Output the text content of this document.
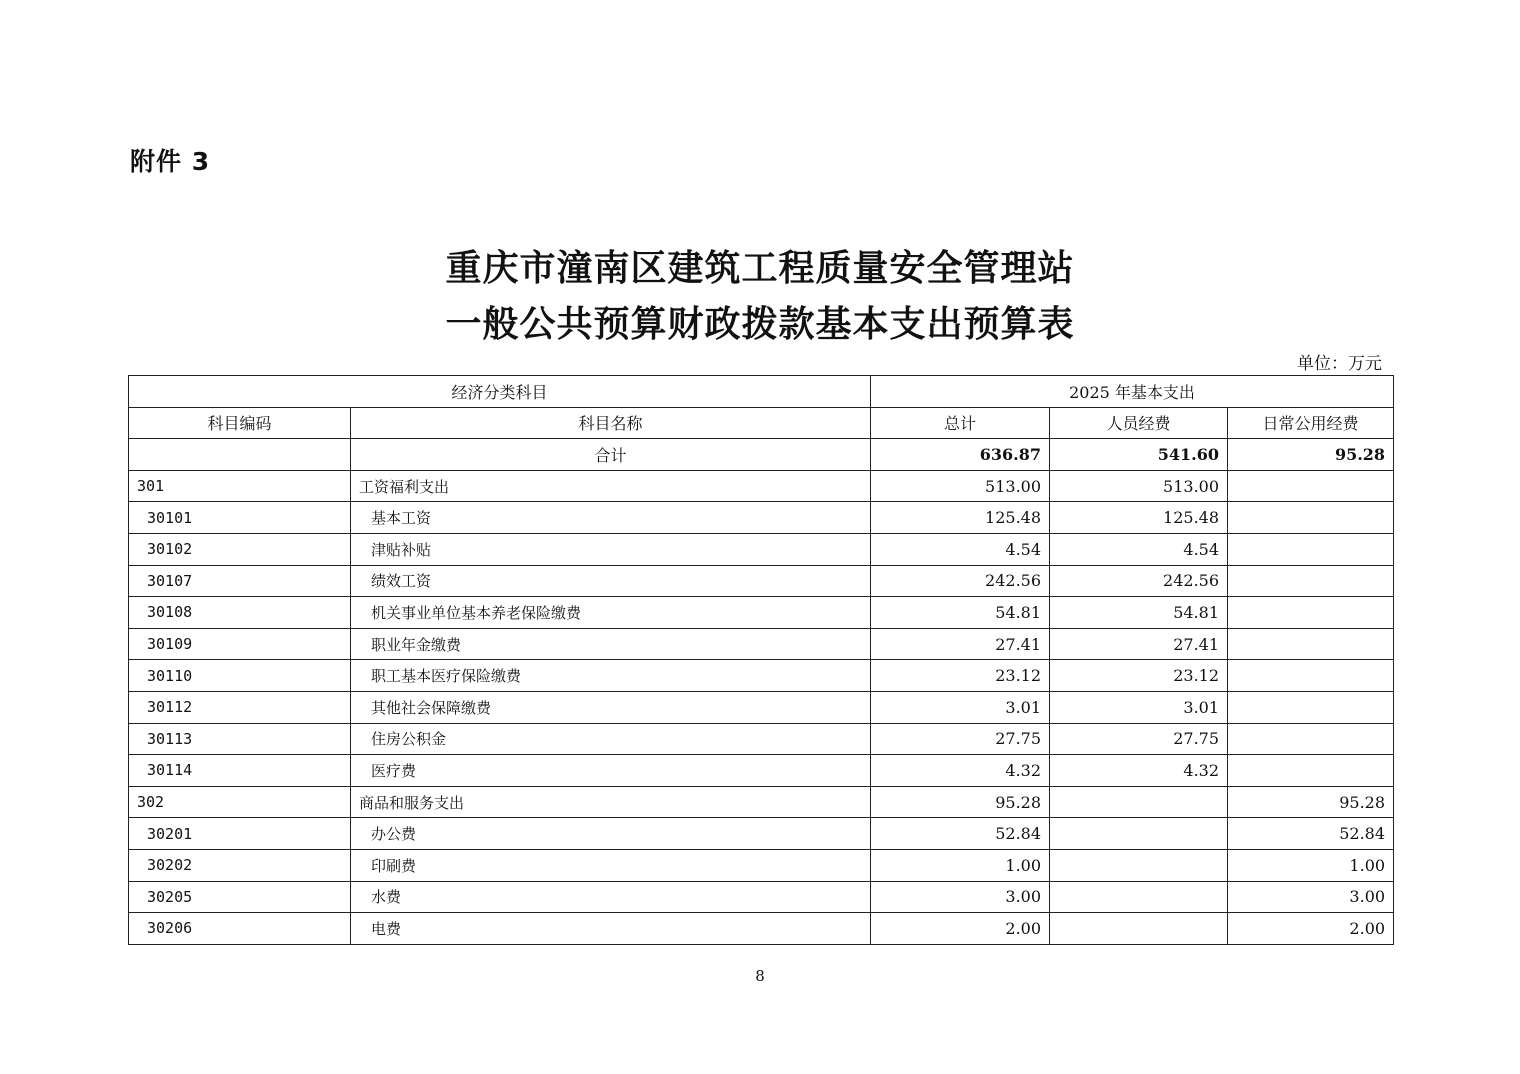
附件 3
重庆市潼南区建筑工程质量安全管理站
一般公共预算财政拨款基本支出预算表
单位：万元
经济分类科目		2025 年基本支出		
科目编码	科目名称	总计	人员经费	日常公用经费
	合计	636.87	541.60	95.28
301	工资福利支出	513.00	513.00	
30101	基本工资	125.48	125.48	
30102	津贴补贴	4.54	4.54	
30107	绩效工资	242.56	242.56	
30108	机关事业单位基本养老保险缴费	54.81	54.81	
30109	职业年金缴费	27.41	27.41	
30110	职工基本医疗保险缴费	23.12	23.12	
30112	其他社会保障缴费	3.01	3.01	
30113	住房公积金	27.75	27.75	
30114	医疗费	4.32	4.32	
302	商品和服务支出	95.28		95.28
30201	办公费	52.84		52.84
30202	印刷费	1.00		1.00
30205	水费	3.00		3.00
30206	电费	2.00		2.00
8
